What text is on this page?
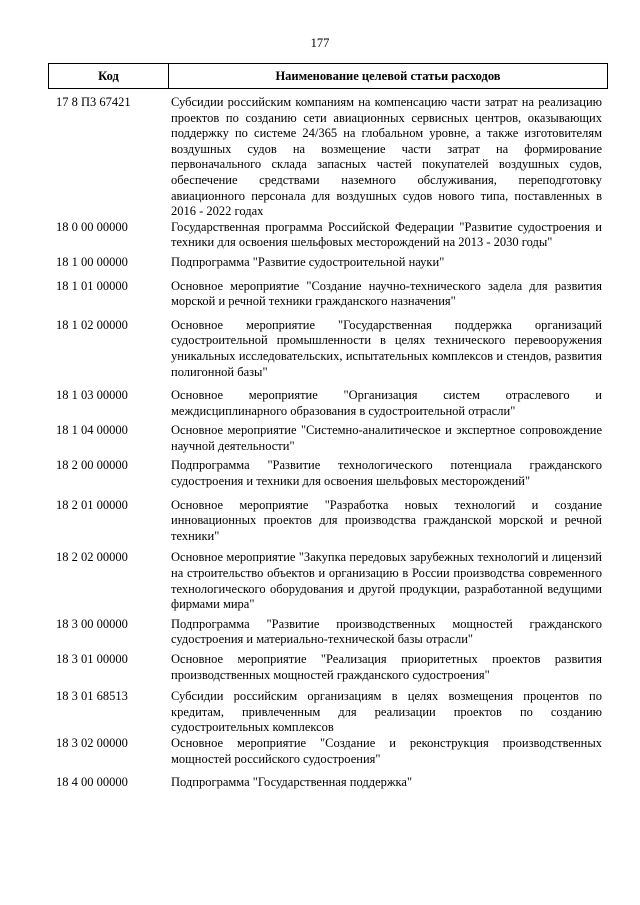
177
Код	Наименование целевой статьи расходов
17 8 П3 67421	Субсидии российским компаниям на компенсацию части затрат на реализацию проектов по созданию сети авиационных сервисных центров, оказывающих поддержку по системе 24/365 на глобальном уровне, а также изготовителям воздушных судов на возмещение части затрат на формирование первоначального склада запасных частей покупателей воздушных судов, обеспечение средствами наземного обслуживания, переподготовку авиационного персонала для воздушных судов нового типа, поставленных в 2016 - 2022 годах
18 0 00 00000	Государственная программа Российской Федерации "Развитие судостроения и техники для освоения шельфовых месторождений на 2013 - 2030 годы"
18 1 00 00000	Подпрограмма "Развитие судостроительной науки"
18 1 01 00000	Основное мероприятие "Создание научно-технического задела для развития морской и речной техники гражданского назначения"
18 1 02 00000	Основное мероприятие "Государственная поддержка организаций судостроительной промышленности в целях технического перевооружения уникальных исследовательских, испытательных комплексов и стендов, развития полигонной базы"
18 1 03 00000	Основное мероприятие "Организация систем отраслевого и междисциплинарного образования в судостроительной отрасли"
18 1 04 00000	Основное мероприятие "Системно-аналитическое и экспертное сопровождение научной деятельности"
18 2 00 00000	Подпрограмма "Развитие технологического потенциала гражданского судостроения и техники для освоения шельфовых месторождений"
18 2 01 00000	Основное мероприятие "Разработка новых технологий и создание инновационных проектов для производства гражданской морской и речной техники"
18 2 02 00000	Основное мероприятие "Закупка передовых зарубежных технологий и лицензий на строительство объектов и организацию в России производства современного технологического оборудования и другой продукции, разработанной ведущими фирмами мира"
18 3 00 00000	Подпрограмма "Развитие производственных мощностей гражданского судостроения и материально-технической базы отрасли"
18 3 01 00000	Основное мероприятие "Реализация приоритетных проектов развития производственных мощностей гражданского судостроения"
18 3 01 68513	Субсидии российским организациям в целях возмещения процентов по кредитам, привлеченным для реализации проектов по созданию судостроительных комплексов
18 3 02 00000	Основное мероприятие "Создание и реконструкция производственных мощностей российского судостроения"
18 4 00 00000	Подпрограмма "Государственная поддержка"
